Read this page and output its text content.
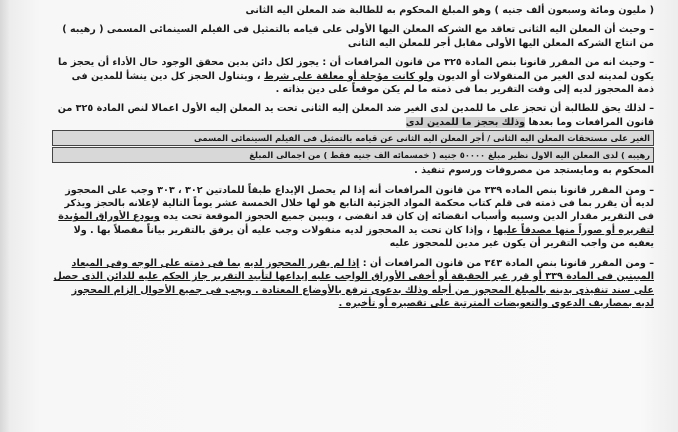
( مليون ومائة وسبعون ألف جنيه ) وهو المبلغ المحكوم به للطالبة ضد المعلن اليه الثانى

– وحيث أن المعلن اليه الثانى تعاقد مع الشركه المعلن اليها الأولى على قيامه بالتمثيل فى الفيلم السينمائى المسمى ( رهيبه ) من انتاج الشركه المعلن اليها الأولى مقابل أجر للمعلن اليه الثانى

– وحيث انه من المقرر قانونا بنص المادة ٣٢٥ من قانون المرافعات أن : يجوز لكل دائن بدين محقق الوجود حال الأداء أن يحجز ما يكون لمدينه لدى الغير من المنقولات أو الديون ولو كانت مؤجلة أو معلقة على شرط ، ويتناول الحجز كل دين ينشأ للمدين فى ذمة المحجوز لديه إلى وقت التقرير بما فى ذمته ما لم يكن موقعاً على دين بذاته .

– لذلك يحق للطالبة أن تحجز على ما للمدين لدى الغير ضد المعلن إليه الثانى تحت يد المعلن إليه الأول اعمالا لنص المادة ٣٢٥ من قانون المرافعات وما بعدها وذلك بحجز ما للمدين لدى
الغير على مستحقات المعلن اليه الثانى / أجر المعلن اليه الثانى عن قيامه بالتمثيل فى الفيلم السينمائى المسمى
رهيبه ) لدى المعلن اليه الاول نظير مبلغ ٥٠٠٠٠ جنيه ( خمسمائه الف جنيه فقط ) من اجمالى المبلغ
المحكوم به ومايستجد من مصروفات ورسوم تنفيذ .

– ومن المقرر قانونا بنص الماده ٣٣٩ من قانون المرافعات أنه إذا لم يحصل الإيداع طبقاً للمادتين ٣٠٢ ، ٣٠٣ وجب على المحجوز لديه أن يقرر بما فى ذمته فى قلم كتاب محكمة المواد الجزئية التابع هو لها خلال الخمسة عشر يوماً التالية لإعلانه بالحجز ويذكر فى التقرير مقدار الدين وسببه وأسباب انقضائه إن كان قد انقضى ، ويبين جميع الحجوز الموقعة تحت يده ويودع الأوراق المؤيدة لتقريره أو صوراً منها مصدقاً عليها ، وإذا كان تحت يد المحجوز لديه منقولات وجب عليه أن يرفق بالتقرير بياناً مفصلاً بها . ولا يعفيه من واجب التقرير أن يكون غير مدين للمحجوز عليه

– ومن المقرر قانونا بنص المادة ٣٤٣ من قانون المرافعات أن : إذا لم يقرر المحجوز لديه بما فى ذمته على الوجه وفى الميعاد المبينين فى المادة ٣٣٩ أو قرر غير الحقيقة أو أخفى الأوراق الواجب عليه إيداعها لتأييد التقرير جاز الحكم عليه للدائن الذى حصل على سند تنفيذى بدينه بالمبلغ المحجوز من أجله وذلك بدعوى ترفع بالأوضاع المعتادة . ويجب فى جميع الأحوال إلزام المحجوز لديه بمصاريف الدعوى والتعويضات المترتبة على تقصيره أو تأخيره .
